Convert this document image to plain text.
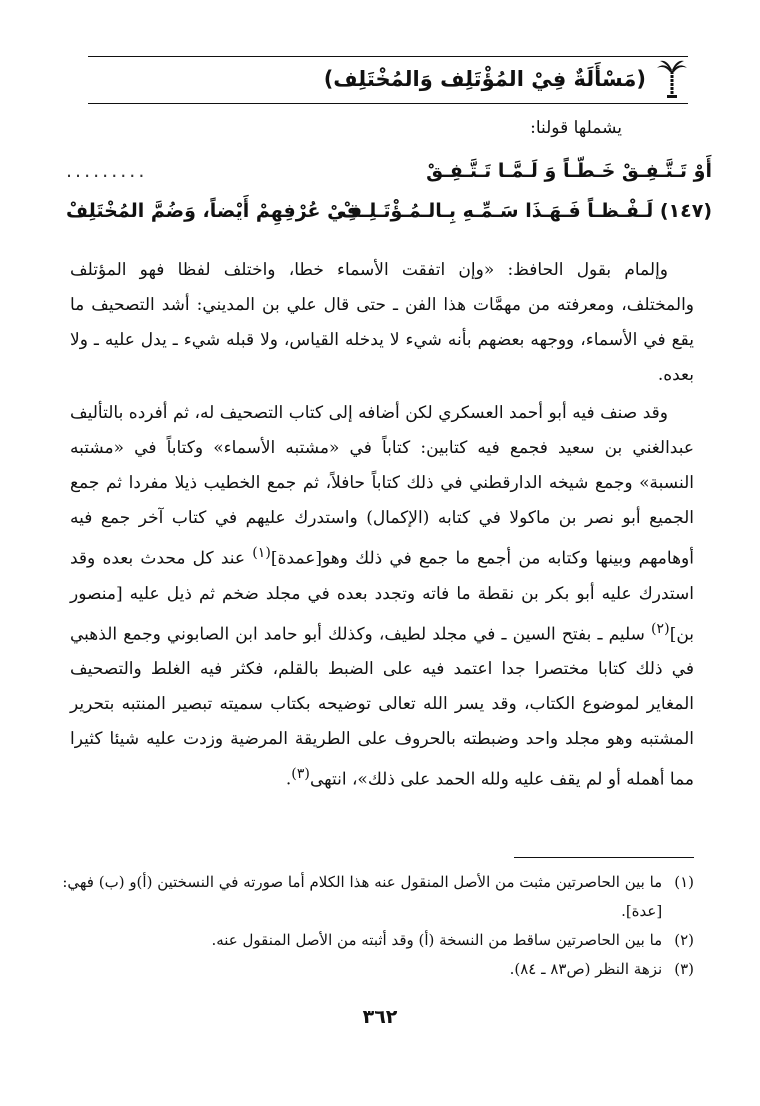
(مَسْأَلَةٌ فِيْ المُؤْتَلِف وَالمُخْتَلِف)
يشملها قولنا:
أَوْ تَـتَّـفِـقْ خَـطّـاً وَ لَـمَّـا تَـتَّـفِـقْ
.........
(١٤٧) لَـفْـظـاً فَـهَـذَا سَـمِّـهِ بِـالـمُـؤْتَـلِـفْ
فِيْ عُرْفِهِمْ أَيْضاً، وَضُمَّ المُخْتَلِفْ
وإلمام بقول الحافظ: «وإن اتفقت الأسماء خطا، واختلف لفظا فهو المؤتلف والمختلف، ومعرفته من مهمَّات هذا الفن ـ حتى قال علي بن المديني: أشد التصحيف ما يقع في الأسماء، ووجهه بعضهم بأنه شيء لا يدخله القياس، ولا قبله شيء ـ يدل عليه ـ ولا بعده.
وقد صنف فيه أبو أحمد العسكري لكن أضافه إلى كتاب التصحيف له، ثم أفرده بالتأليف عبدالغني بن سعيد فجمع فيه كتابين: كتاباً في «مشتبه الأسماء» وكتاباً في «مشتبه النسبة» وجمع شيخه الدارقطني في ذلك كتاباً حافلاً، ثم جمع الخطيب ذيلا مفردا ثم جمع الجميع أبو نصر بن ماكولا في كتابه (الإكمال) واستدرك عليهم في كتاب آخر جمع فيه أوهامهم وبينها وكتابه من أجمع ما جمع في ذلك وهو[عمدة]$^{(١)}$ عند كل محدث بعده وقد استدرك عليه أبو بكر بن نقطة ما فاته وتجدد بعده في مجلد ضخم ثم ذيل عليه [منصور بن]$^{(٢)}$ سليم ـ بفتح السين ـ في مجلد لطيف، وكذلك أبو حامد ابن الصابوني وجمع الذهبي في ذلك كتابا مختصرا جدا اعتمد فيه على الضبط بالقلم، فكثر فيه الغلط والتصحيف المغاير لموضوع الكتاب، وقد يسر الله تعالى توضيحه بكتاب سميته تبصير المنتبه بتحرير المشتبه وهو مجلد واحد وضبطته بالحروف على الطريقة المرضية وزدت عليه شيئا كثيرا مما أهمله أو لم يقف عليه ولله الحمد على ذلك»، انتهى$^{(٣)}$.
(١)
ما بين الحاصرتين مثبت من الأصل المنقول عنه هذا الكلام أما صورته في النسختين (أ)و (ب) فهي: [عدة].
(٢)
ما بين الحاصرتين ساقط من النسخة (أ) وقد أثبته من الأصل المنقول عنه.
(٣)
نزهة النظر (ص٨٣ ـ ٨٤).
٣٦٢
